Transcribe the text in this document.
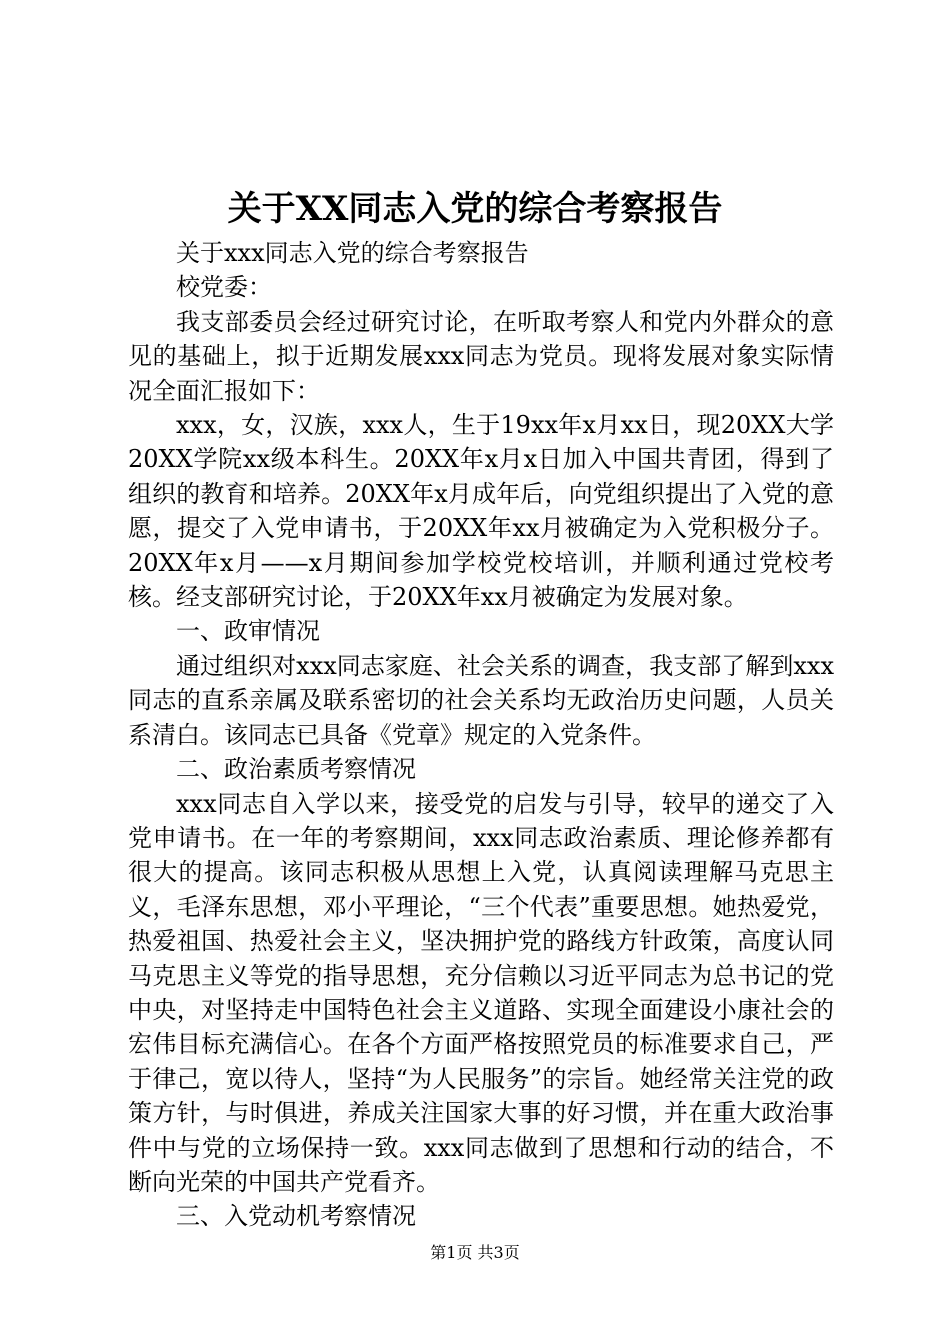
关于XX同志入党的综合考察报告

关于xxx同志入党的综合考察报告

校党委：

我支部委员会经过研究讨论，在听取考察人和党内外群众的意见的基础上，拟于近期发展xxx同志为党员。现将发展对象实际情况全面汇报如下：

xxx，女，汉族，xxx人，生于19xx年x月xx日，现20XX大学20XX学院xx级本科生。20XX年x月x日加入中国共青团，得到了组织的教育和培养。20XX年x月成年后，向党组织提出了入党的意愿，提交了入党申请书，于20XX年xx月被确定为入党积极分子。20XX年x月——x月期间参加学校党校培训，并顺利通过党校考核。经支部研究讨论，于20XX年xx月被确定为发展对象。

一、政审情况

通过组织对xxx同志家庭、社会关系的调查，我支部了解到xxx同志的直系亲属及联系密切的社会关系均无政治历史问题，人员关系清白。该同志已具备《党章》规定的入党条件。

二、政治素质考察情况

xxx同志自入学以来，接受党的启发与引导，较早的递交了入党申请书。在一年的考察期间，xxx同志政治素质、理论修养都有很大的提高。该同志积极从思想上入党，认真阅读理解马克思主义，毛泽东思想，邓小平理论，“三个代表”重要思想。她热爱党，热爱祖国、热爱社会主义，坚决拥护党的路线方针政策，高度认同马克思主义等党的指导思想，充分信赖以习近平同志为总书记的党中央，对坚持走中国特色社会主义道路、实现全面建设小康社会的宏伟目标充满信心。在各个方面严格按照党员的标准要求自己，严于律己，宽以待人，坚持“为人民服务”的宗旨。她经常关注党的政策方针，与时俱进，养成关注国家大事的好习惯，并在重大政治事件中与党的立场保持一致。xxx同志做到了思想和行动的结合，不断向光荣的中国共产党看齐。

三、入党动机考察情况

第1页 共3页
